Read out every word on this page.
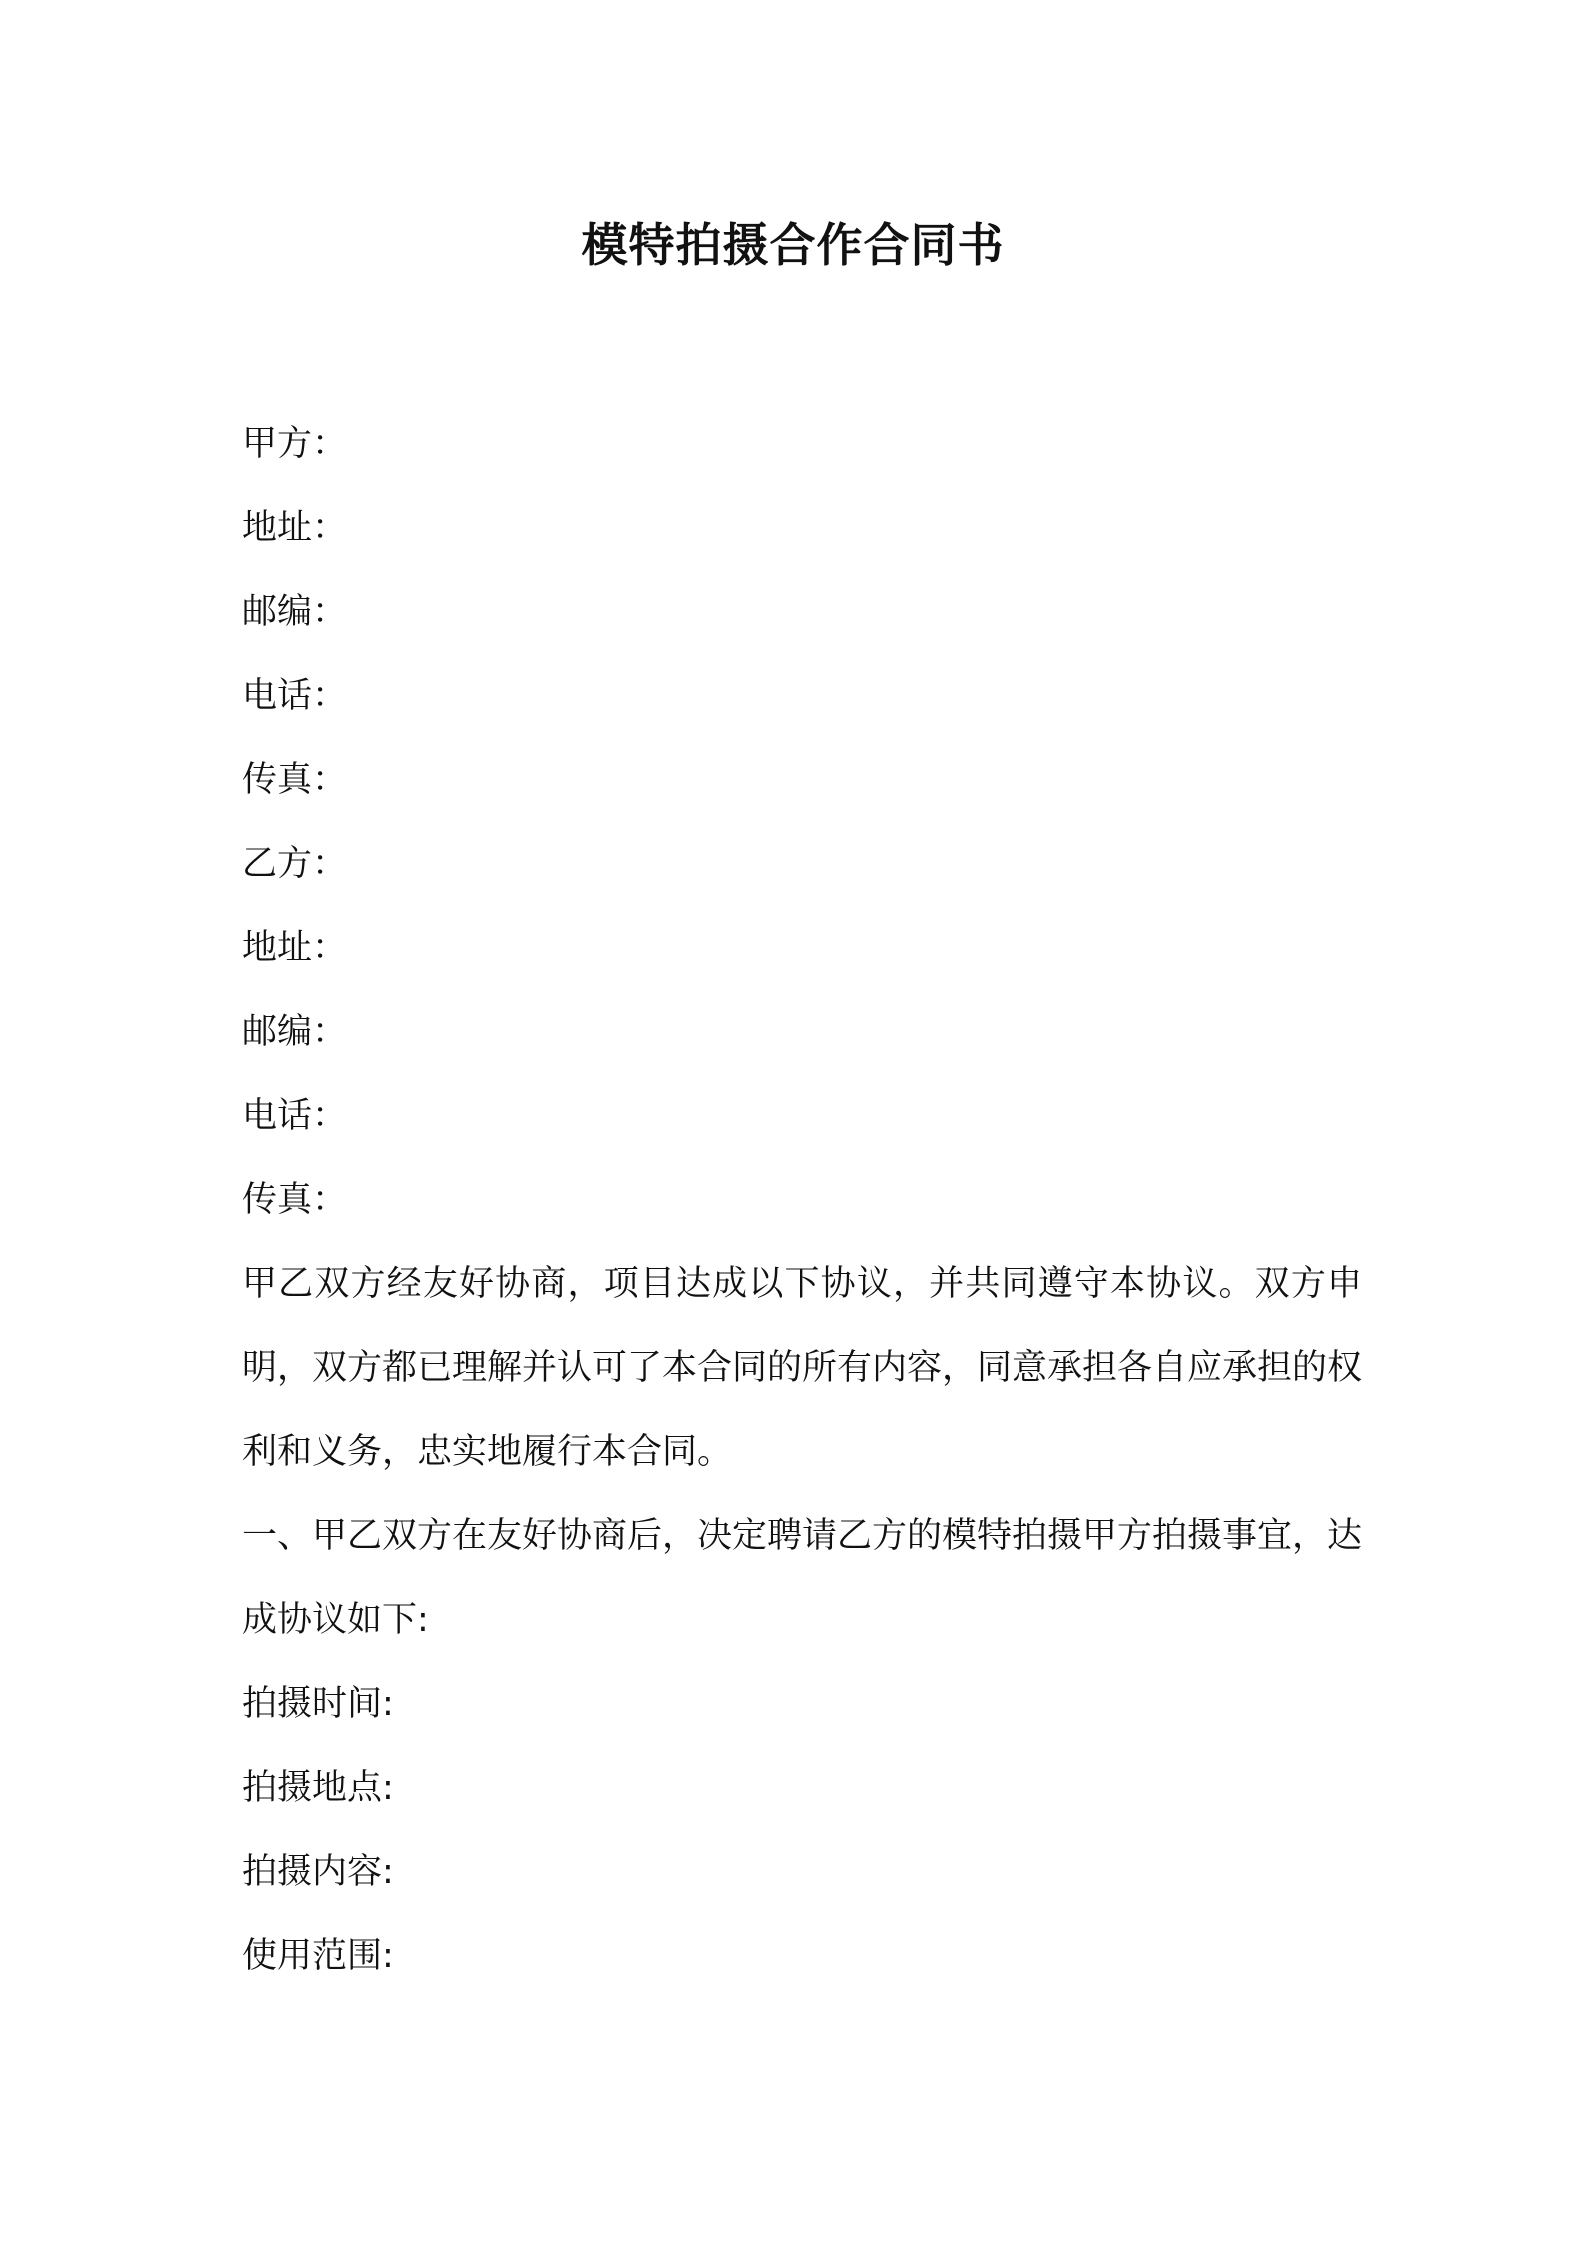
模特拍摄合作合同书

甲方：

地址：

邮编：

电话：

传真：

乙方：

地址：

邮编：

电话：

传真：

甲乙双方经友好协商，项目达成以下协议，并共同遵守本协议。双方申明，双方都已理解并认可了本合同的所有内容，同意承担各自应承担的权利和义务，忠实地履行本合同。

一、甲乙双方在友好协商后，决定聘请乙方的模特拍摄甲方拍摄事宜，达成协议如下:

拍摄时间:

拍摄地点:

拍摄内容:

使用范围:
